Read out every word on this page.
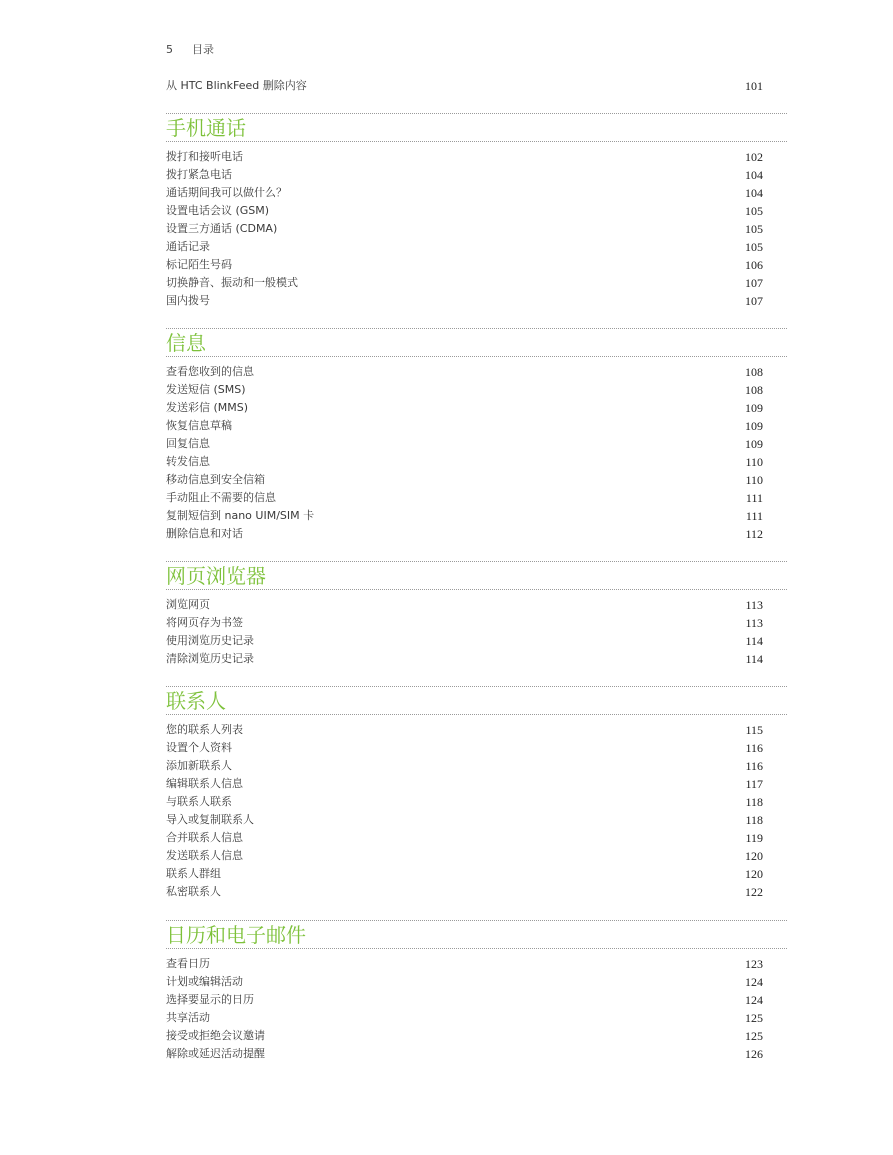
5 目录
从 HTC BlinkFeed 删除内容	101
手机通话
拨打和接听电话	102
拨打紧急电话	104
通话期间我可以做什么？	104
设置电话会议 (GSM)	105
设置三方通话 (CDMA)	105
通话记录	105
标记陌生号码	106
切换静音、振动和一般模式	107
国内拨号	107
信息
查看您收到的信息	108
发送短信 (SMS)	108
发送彩信 (MMS)	109
恢复信息草稿	109
回复信息	109
转发信息	110
移动信息到安全信箱	110
手动阻止不需要的信息	111
复制短信到 nano UIM/SIM 卡	111
删除信息和对话	112
网页浏览器
浏览网页	113
将网页存为书签	113
使用浏览历史记录	114
清除浏览历史记录	114
联系人
您的联系人列表	115
设置个人资料	116
添加新联系人	116
编辑联系人信息	117
与联系人联系	118
导入或复制联系人	118
合并联系人信息	119
发送联系人信息	120
联系人群组	120
私密联系人	122
日历和电子邮件
查看日历	123
计划或编辑活动	124
选择要显示的日历	124
共享活动	125
接受或拒绝会议邀请	125
解除或延迟活动提醒	126
